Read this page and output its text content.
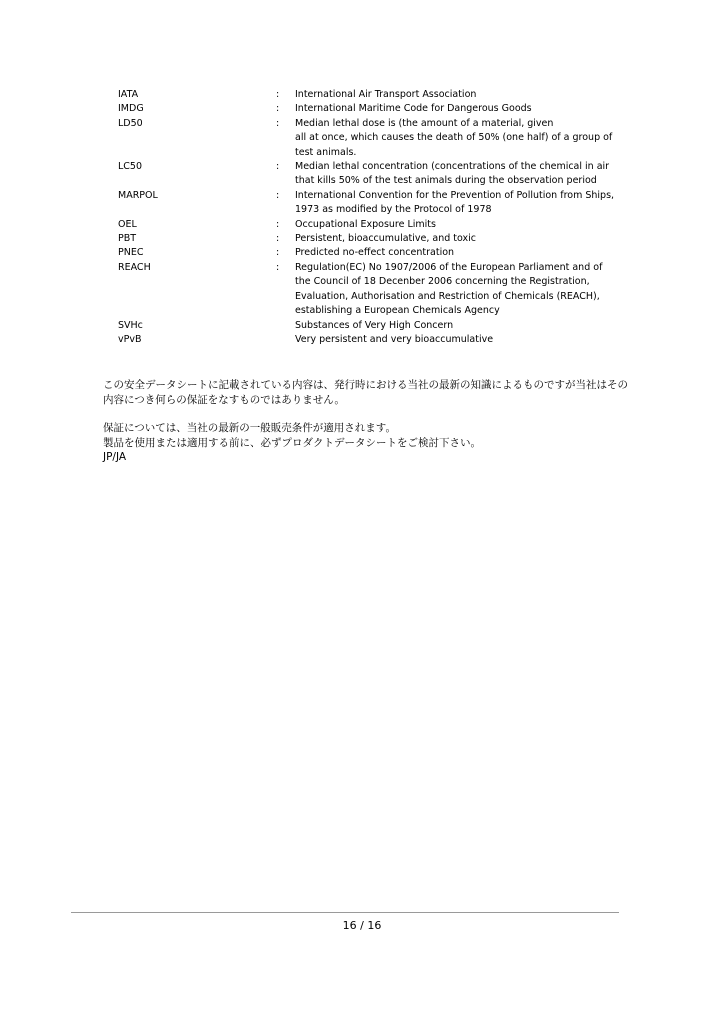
IATA	:	International Air Transport Association
IMDG	:	International Maritime Code for Dangerous Goods
LD50	:	Median lethal dose is (the amount of a material, given
all at once, which causes the death of 50% (one half) of a group of
test animals.
LC50	:	Median lethal concentration (concentrations of the chemical in air
that kills 50% of the test animals during the observation period
MARPOL	:	International Convention for the Prevention of Pollution from Ships,
1973 as modified by the Protocol of 1978
OEL	:	Occupational Exposure Limits
PBT	:	Persistent, bioaccumulative, and toxic
PNEC	:	Predicted no-effect concentration
REACH	:	Regulation(EC) No 1907/2006 of the European Parliament and of
the Council of 18 Decenber 2006 concerning the Registration,
Evaluation, Authorisation and Restriction of Chemicals (REACH),
establishing a European Chemicals Agency
SVHc	Substances of Very High Concern
vPvB	Very persistent and very bioaccumulative
この安全データシートに記載されている内容は、発行時における当社の最新の知識によるものですが当社はその
内容につき何らの保証をなすものではありません。
保証については、当社の最新の一般販売条件が適用されます。
製品を使用または適用する前に、必ずプロダクトデータシートをご検討下さい。
JP/JA
16 / 16
